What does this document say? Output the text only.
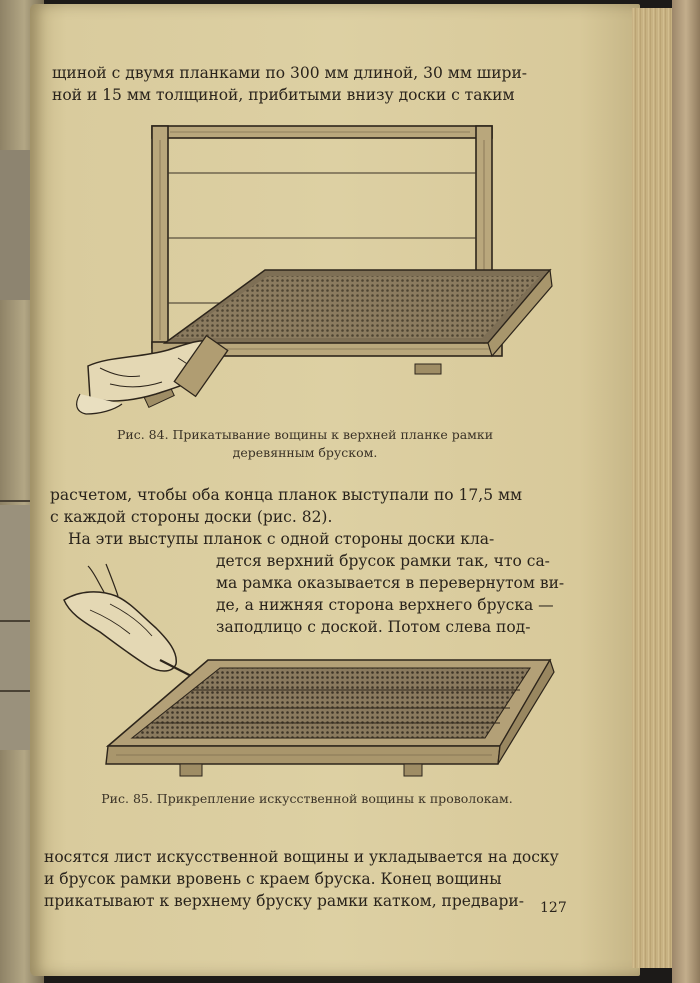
щиной с двумя планками по 300 мм длиной, 30 мм шири-
ной и 15 мм толщиной, прибитыми внизу доски с таким

Рис. 84. Прикатывание вощины к верхней планке рамки
деревянным бруском.

расчетом, чтобы оба конца планок выступали по 17,5 мм
с каждой стороны доски (рис. 82).
На эти выступы планок с одной стороны доски кла-
дется верхний брусок рамки так, что са-
ма рамка оказывается в перевернутом ви-
де, а нижняя сторона верхнего бруска —
заподлицо с доской. Потом слева под-

Рис. 85. Прикрепление искусственной вощины к проволокам.

носятся лист искусственной вощины и укладывается на доску
и брусок рамки вровень с краем бруска. Конец вощины
прикатывают к верхнему бруску рамки катком, предвари-	127
